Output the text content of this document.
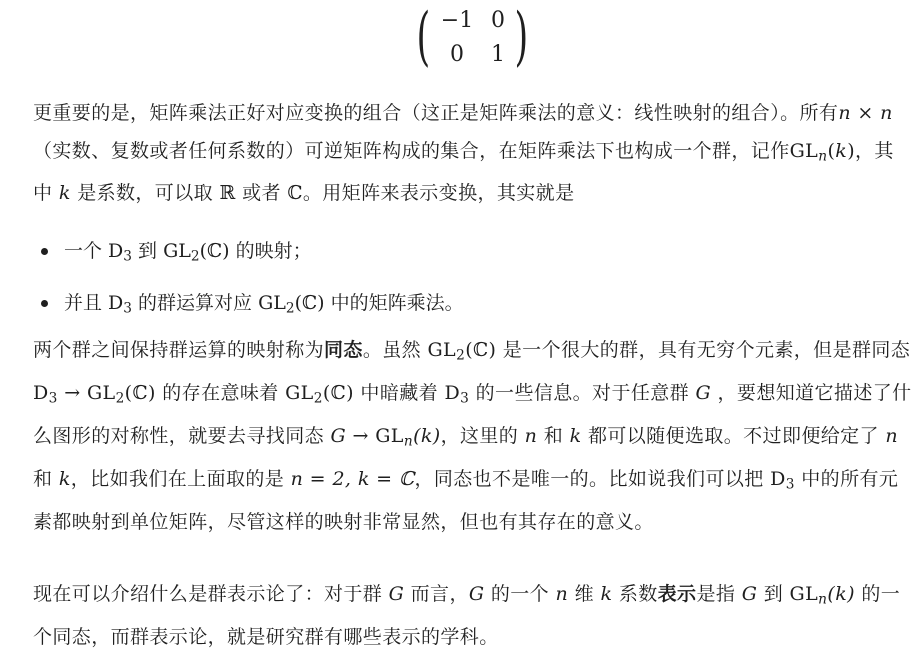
( )
−1 0
0	1

更重要的是，矩阵乘法正好对应变换的组合（这正是矩阵乘法的意义：线性映射的组合）。所有n × n（实数、复数或者任何系数的）可逆矩阵构成的集合，在矩阵乘法下也构成一个群，记作$GL_n(k)$，其中 k 是系数，可以取 ℝ 或者 ℂ。用矩阵来表示变换，其实就是

一个 $D_3$ 到 $GL_2(ℂ)$ 的映射；
并且 $D_3$ 的群运算对应 $GL_2(ℂ)$ 中的矩阵乘法。

两个群之间保持群运算的映射称为同态。虽然 $GL_2(ℂ)$ 是一个很大的群，具有无穷个元素，但是群同态 $D_3$ → $GL_2(ℂ)$ 的存在意味着 $GL_2(ℂ)$ 中暗藏着 $D_3$ 的一些信息。对于任意群 G ，要想知道它描述了什么图形的对称性，就要去寻找同态 $G \to GL_n(k)$，这里的 n 和 k 都可以随便选取。不过即便给定了 n 和 k，比如我们在上面取的是 n = 2, k = ℂ，同态也不是唯一的。比如说我们可以把 $D_3$ 中的所有元素都映射到单位矩阵，尽管这样的映射非常显然，但也有其存在的意义。

现在可以介绍什么是群表示论了：对于群 G 而言，G 的一个 n 维 k 系数表示是指 G 到 $GL_n(k)$ 的一个同态，而群表示论，就是研究群有哪些表示的学科。
